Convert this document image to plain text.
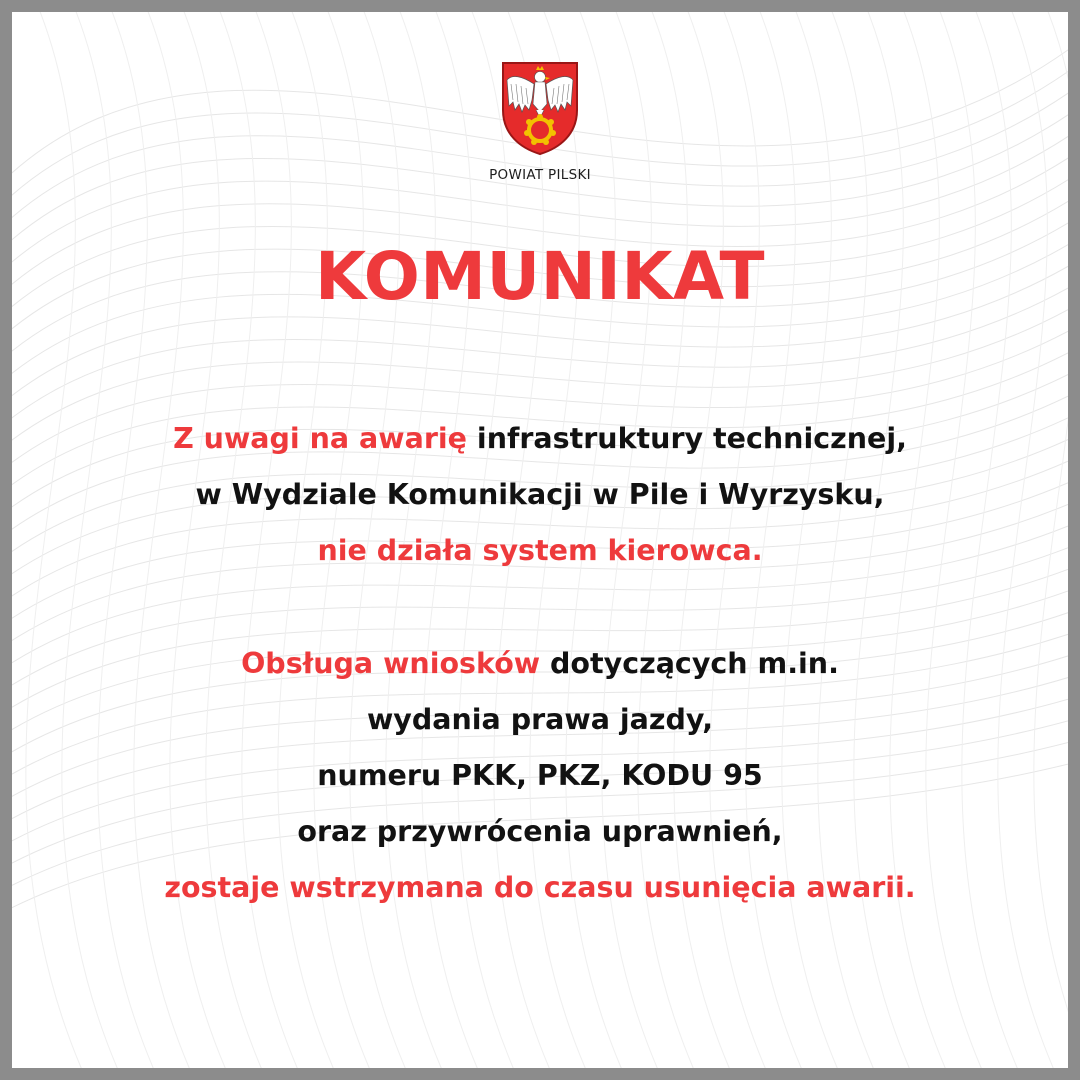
POWIAT PILSKI
KOMUNIKAT
Z uwagi na awarię infrastruktury technicznej,
w Wydziale Komunikacji w Pile i Wyrzysku,
nie działa system kierowca.
Obsługa wniosków dotyczących m.in.
wydania prawa jazdy,
numeru PKK, PKZ, KODU 95
oraz przywrócenia uprawnień,
zostaje wstrzymana do czasu usunięcia awarii.
